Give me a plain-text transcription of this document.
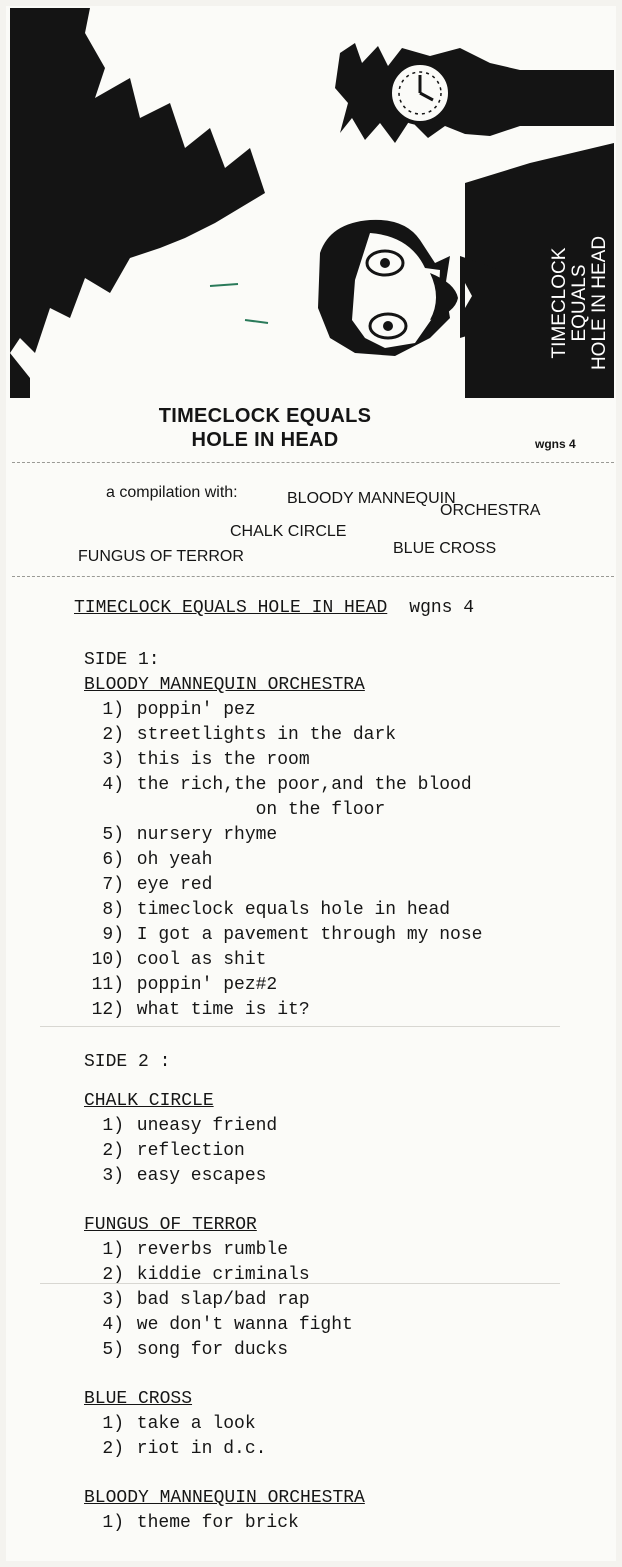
TIMECLOCK EQUALS HOLE IN HEAD
TIMECLOCK EQUALS
HOLE IN HEAD	wgns 4
a compilation with:	BLOODY MANNEQUIN
ORCHESTRA
CHALK CIRCLE
FUNGUS OF TERROR	BLUE CROSS
TIMECLOCK EQUALS HOLE IN HEAD wgns 4
SIDE 1:
BLOODY MANNEQUIN ORCHESTRA
1) poppin' pez
2) streetlights in the dark
3) this is the room
4) the rich,the poor,and the blood
on the floor
5) nursery rhyme
6) oh yeah
7) eye red
8) timeclock equals hole in head
9) I got a pavement through my nose
10) cool as shit
11) poppin' pez#2
12) what time is it?
SIDE 2 :
CHALK CIRCLE
1) uneasy friend
2) reflection
3) easy escapes
FUNGUS OF TERROR
1) reverbs rumble
2) kiddie criminals
3) bad slap/bad rap
4) we don't wanna fight
5) song for ducks
BLUE CROSS
1) take a look
2) riot in d.c.
BLOODY MANNEQUIN ORCHESTRA
1) theme for brick
